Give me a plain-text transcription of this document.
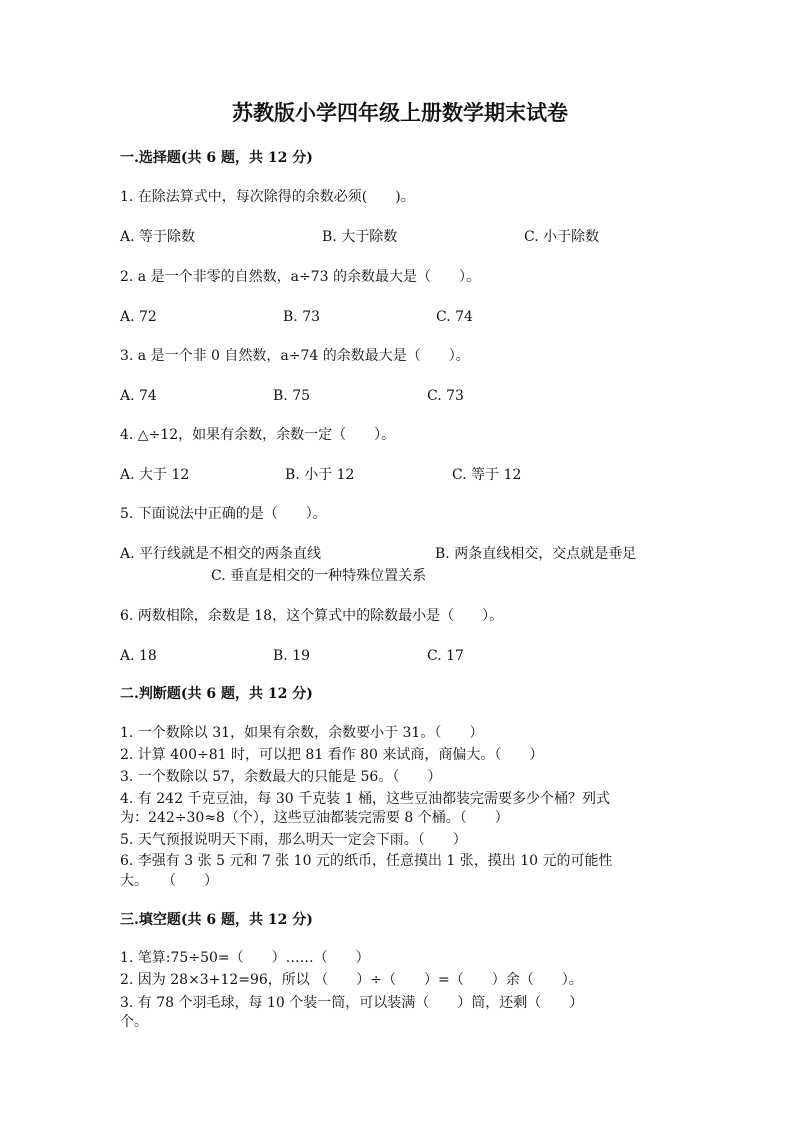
苏教版小学四年级上册数学期末试卷
一.选择题(共 6 题，共 12 分)
1. 在除法算式中，每次除得的余数必须(　　)。
A. 等于除数	B. 大于除数	C. 小于除数
2. a 是一个非零的自然数，a÷73 的余数最大是（　　）。
A. 72	B. 73	C. 74
3. a 是一个非 0 自然数，a÷74 的余数最大是（　　）。
A. 74	B. 75	C. 73
4. △÷12，如果有余数，余数一定（　　）。
A. 大于 12	B. 小于 12	C. 等于 12
5. 下面说法中正确的是（　　）。
A. 平行线就是不相交的两条直线	B. 两条直线相交，交点就是垂足
C. 垂直是相交的一种特殊位置关系
6. 两数相除，余数是 18，这个算式中的除数最小是（　　）。
A. 18	B. 19	C. 17
二.判断题(共 6 题，共 12 分)
1. 一个数除以 31，如果有余数，余数要小于 31。（　　）
2. 计算 400÷81 时，可以把 81 看作 80 来试商，商偏大。（　　）
3. 一个数除以 57，余数最大的只能是 56。（　　）
4. 有 242 千克豆油，每 30 千克装 1 桶，这些豆油都装完需要多少个桶？列式
为：242÷30≈8（个），这些豆油都装完需要 8 个桶。（　　）
5. 天气预报说明天下雨，那么明天一定会下雨。（　　）
6. 李强有 3 张 5 元和 7 张 10 元的纸币，任意摸出 1 张，摸出 10 元的可能性
大。　　（　　）
三.填空题(共 6 题，共 12 分)
1. 笔算:75÷50=（　　）……（　　）
2. 因为 28×3+12=96，所以 （　　）÷（　　）=（　　）余（　　）。
3. 有 78 个羽毛球，每 10 个装一筒，可以装满（　　）筒，还剩（　　）
个。
